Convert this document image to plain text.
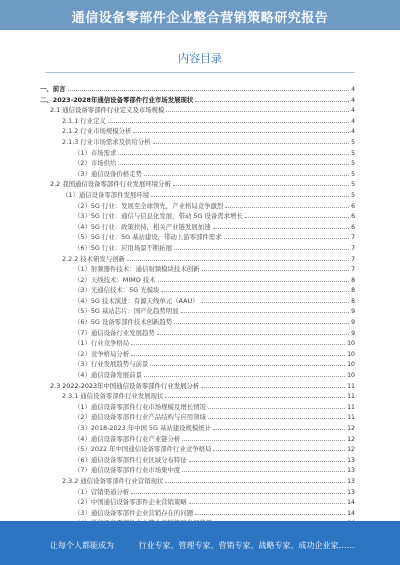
通信设备零部件企业整合营销策略研究报告
内容目录
一、前言	4
二、2023-2028年通信设备零部件行业市场发展现状	4
2.1 通信设备零部件行业定义及市场规模	4
2.1.1 行业定义	4
2.1.2 行业市场规模分析	4
2.1.3 行业市场需求及供给分析	5
（1）市场需求	5
（2）市场供给	5
（3）通信设备价格走势	5
2.2 我国通信设备零部件行业发展环境分析	5
（1）通信设备零部件发展环境	5
（2）5G 行业：发展至全球领先，产业格局竞争激烈	6
（3）5G 行业：通信与信息化发展，带动 5G 设备需求增长	6
（4）5G 行业：政策扶持，相关产业链发展加速	6
（5）5G 行业：5G 基站建设，带动上游零部件需求	7
（6）5G 行业：应用场景不断拓展	7
2.2.2 技术研发与创新	7
（1）射频器件技术：通信射频模块技术创新	7
（2）天线技术：MIMO 技术	8
（3）光通信技术：5G 光模块	8
（4）5G 技术演进：有源天线单元（AAU）	8
（5）5G 基站芯片：国产化趋势明显	9
（6）5G 设备零部件技术创新趋势	9
（7）通信设备行业发展趋势	9
（1）行业竞争格局	10
（2）竞争格局分析	10
（3）行业发展趋势与前景	10
（4）通信设备发展前景	10
2.3 2022-2023年中国通信设备零部件行业发展分析	11
2.3.1 通信设备零部件行业发展现状	11
（1）通信设备零部件行业市场规模及增长情况	11
（2）通信设备零部件行业产品结构与应用领域	11
（3）2018-2023 年中国 5G 基站建设规模统计	12
（4）通信设备零部件行业产业链分析	12
（5）2022 年中国通信设备零部件行业竞争格局	12
（6）通信设备零部件行业区域分布特征	13
（7）通信设备零部件行业市场集中度	13
2.3.2 通信设备零部件行业营销现状	13
（1）营销渠道分析	13
（2）中国通信设备零部件企业营销策略	14
（3）通信设备零部件企业营销存在的问题	14
让每个人都能成为	行业专家、管理专家、营销专家、战略专家、成功企业家……
